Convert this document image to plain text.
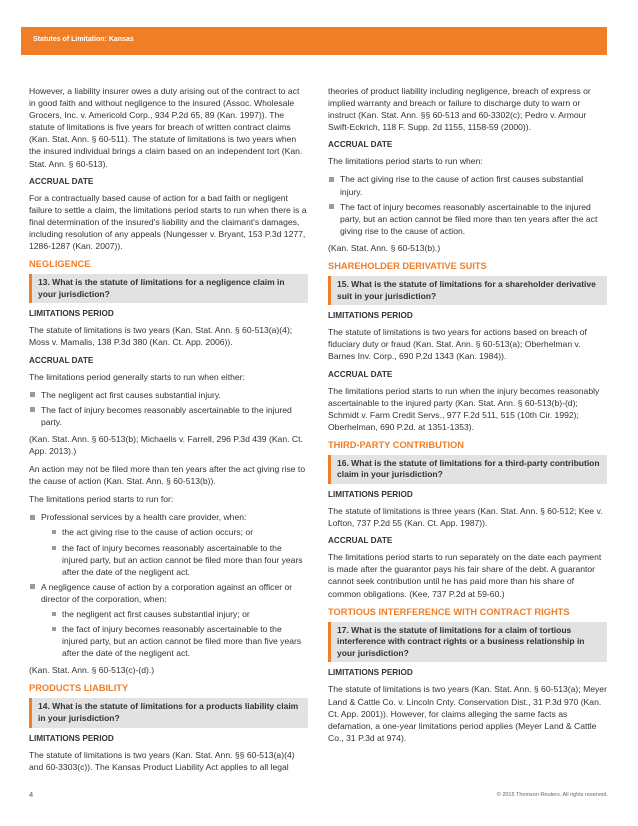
Statutes of Limitation: Kansas

However, a liability insurer owes a duty arising out of the contract to act in good faith and without negligence to the insured (Assoc. Wholesale Grocers, Inc. v. Americold Corp., 934 P.2d 65, 89 (Kan. 1997)). The statute of limitations is five years for breach of written contract claims (Kan. Stat. Ann. § 60-511). The statute of limitations is two years when the insured individual brings a claim based on an independent tort (Kan. Stat. Ann. § 60-513).

ACCRUAL DATE

For a contractually based cause of action for a bad faith or negligent failure to settle a claim, the limitations period starts to run when there is a final determination of the insured's liability and the claimant's damages, including resolution of any appeals (Nungesser v. Bryant, 153 P.3d 1277, 1286-1287 (Kan. 2007)).

NEGLIGENCE
13. What is the statute of limitations for a negligence claim in your jurisdiction?
LIMITATIONS PERIOD

The statute of limitations is two years (Kan. Stat. Ann. § 60-513(a)(4); Moss v. Mamalis, 138 P.3d 380 (Kan. Ct. App. 2006)).

ACCRUAL DATE

The limitations period generally starts to run when either:

The negligent act first causes substantial injury.
The fact of injury becomes reasonably ascertainable to the injured party.

(Kan. Stat. Ann. § 60-513(b); Michaelis v. Farrell, 296 P.3d 439 (Kan. Ct. App. 2013).)

An action may not be filed more than ten years after the act giving rise to the cause of action (Kan. Stat. Ann. § 60-513(b)).

The limitations period starts to run for:

Professional services by a health care provider, when:
the act giving rise to the cause of action occurs; or
the fact of injury becomes reasonably ascertainable to the injured party, but an action cannot be filed more than four years after the date of the negligent act.
A negligence cause of action by a corporation against an officer or director of the corporation, when:
the negligent act first causes substantial injury; or
the fact of injury becomes reasonably ascertainable to the injured party, but an action cannot be filed more than five years after the date of the negligent act.

(Kan. Stat. Ann. § 60-513(c)-(d).)

PRODUCTS LIABILITY
14. What is the statute of limitations for a products liability claim in your jurisdiction?
LIMITATIONS PERIOD

The statute of limitations is two years (Kan. Stat. Ann. §§ 60-513(a)(4) and 60-3303(c)). The Kansas Product Liability Act applies to all legal

theories of product liability including negligence, breach of express or implied warranty and breach or failure to discharge duty to warn or instruct (Kan. Stat. Ann. §§ 60-513 and 60-3302(c); Pedro v. Armour Swift-Eckrich, 118 F. Supp. 2d 1155, 1158-59 (2000)).

ACCRUAL DATE

The limitations period starts to run when:

The act giving rise to the cause of action first causes substantial injury.
The fact of injury becomes reasonably ascertainable to the injured party, but an action cannot be filed more than ten years after the act giving rise to the cause of action.

(Kan. Stat. Ann. § 60-513(b).)

SHAREHOLDER DERIVATIVE SUITS
15. What is the statute of limitations for a shareholder derivative suit in your jurisdiction?
LIMITATIONS PERIOD

The statute of limitations is two years for actions based on breach of fiduciary duty or fraud (Kan. Stat. Ann. § 60-513(a); Oberhelman v. Barnes Inv. Corp., 690 P.2d 1343 (Kan. 1984)).

ACCRUAL DATE

The limitations period starts to run when the injury becomes reasonably ascertainable to the injured party (Kan. Stat. Ann. § 60-513(b)-(d); Schmidt v. Farm Credit Servs., 977 F.2d 511, 515 (10th Cir. 1992); Oberhelman, 690 P.2d. at 1351-1353).

THIRD-PARTY CONTRIBUTION
16. What is the statute of limitations for a third-party contribution claim in your jurisdiction?
LIMITATIONS PERIOD

The statute of limitations is three years (Kan. Stat. Ann. § 60-512; Kee v. Lofton, 737 P.2d 55 (Kan. Ct. App. 1987)).

ACCRUAL DATE

The limitations period starts to run separately on the date each payment is made after the guarantor pays his fair share of the debt. A guarantor cannot seek contribution until he has paid more than his share of common obligations. (Kee, 737 P.2d at 59-60.)

TORTIOUS INTERFERENCE WITH CONTRACT RIGHTS
17. What is the statute of limitations for a claim of tortious interference with contract rights or a business relationship in your jurisdiction?
LIMITATIONS PERIOD

The statute of limitations is two years (Kan. Stat. Ann. § 60-513(a); Meyer Land & Cattle Co. v. Lincoln Cnty. Conservation Dist., 31 P.3d 970 (Kan. Ct. App. 2001)). However, for claims alleging the same facts as defamation, a one-year limitations period applies (Meyer Land & Cattle Co., 31 P.3d at 974).

4	© 2015 Thomson Reuters. All rights reserved.
